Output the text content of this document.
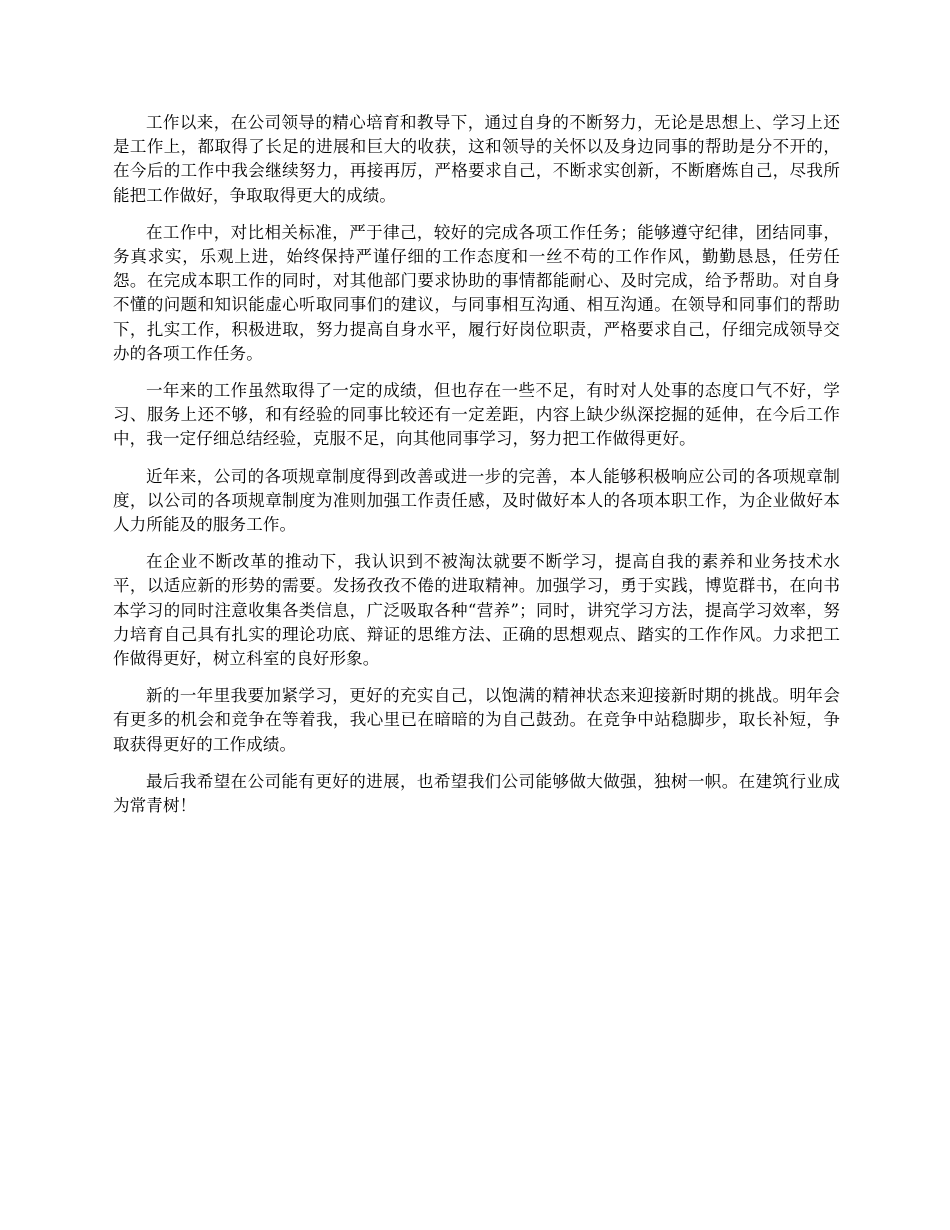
工作以来，在公司领导的精心培育和教导下，通过自身的不断努力，无论是思想上、学习上还是工作上，都取得了长足的进展和巨大的收获，这和领导的关怀以及身边同事的帮助是分不开的，在今后的工作中我会继续努力，再接再厉，严格要求自己，不断求实创新，不断磨炼自己，尽我所能把工作做好，争取取得更大的成绩。

在工作中，对比相关标准，严于律己，较好的完成各项工作任务；能够遵守纪律，团结同事，务真求实，乐观上进，始终保持严谨仔细的工作态度和一丝不苟的工作作风，勤勤恳恳，任劳任怨。在完成本职工作的同时，对其他部门要求协助的事情都能耐心、及时完成，给予帮助。对自身不懂的问题和知识能虚心听取同事们的建议，与同事相互沟通、相互沟通。在领导和同事们的帮助下，扎实工作，积极进取，努力提高自身水平，履行好岗位职责，严格要求自己，仔细完成领导交办的各项工作任务。

一年来的工作虽然取得了一定的成绩，但也存在一些不足，有时对人处事的态度口气不好，学习、服务上还不够，和有经验的同事比较还有一定差距，内容上缺少纵深挖掘的延伸，在今后工作中，我一定仔细总结经验，克服不足，向其他同事学习，努力把工作做得更好。

近年来，公司的各项规章制度得到改善或进一步的完善，本人能够积极响应公司的各项规章制度，以公司的各项规章制度为准则加强工作责任感，及时做好本人的各项本职工作，为企业做好本人力所能及的服务工作。

在企业不断改革的推动下，我认识到不被淘汰就要不断学习，提高自我的素养和业务技术水平，以适应新的形势的需要。发扬孜孜不倦的进取精神。加强学习，勇于实践，博览群书，在向书本学习的同时注意收集各类信息，广泛吸取各种“营养”；同时，讲究学习方法，提高学习效率，努力培育自己具有扎实的理论功底、辩证的思维方法、正确的思想观点、踏实的工作作风。力求把工作做得更好，树立科室的良好形象。

新的一年里我要加紧学习，更好的充实自己，以饱满的精神状态来迎接新时期的挑战。明年会有更多的机会和竞争在等着我，我心里已在暗暗的为自己鼓劲。在竞争中站稳脚步，取长补短，争取获得更好的工作成绩。

最后我希望在公司能有更好的进展，也希望我们公司能够做大做强，独树一帜。在建筑行业成为常青树！
